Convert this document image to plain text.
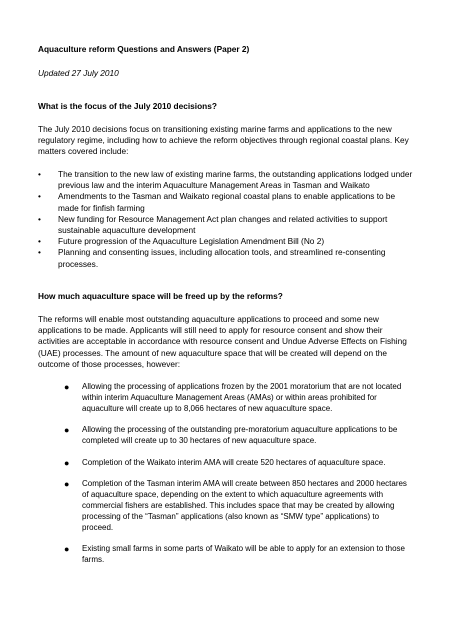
Aquaculture reform Questions and Answers (Paper 2)

Updated 27 July 2010

What is the focus of the July 2010 decisions?

The July 2010 decisions focus on transitioning existing marine farms and applications to the new regulatory regime, including how to achieve the reform objectives through regional coastal plans. Key matters covered include:

• The transition to the new law of existing marine farms, the outstanding applications lodged under previous law and the interim Aquaculture Management Areas in Tasman and Waikato
• Amendments to the Tasman and Waikato regional coastal plans to enable applications to be made for finfish farming
• New funding for Resource Management Act plan changes and related activities to support sustainable aquaculture development
• Future progression of the Aquaculture Legislation Amendment Bill (No 2)
• Planning and consenting issues, including allocation tools, and streamlined re-consenting processes.

How much aquaculture space will be freed up by the reforms?

The reforms will enable most outstanding aquaculture applications to proceed and some new applications to be made. Applicants will still need to apply for resource consent and show their activities are acceptable in accordance with resource consent and Undue Adverse Effects on Fishing (UAE) processes. The amount of new aquaculture space that will be created will depend on the outcome of those processes, however:

● Allowing the processing of applications frozen by the 2001 moratorium that are not located within interim Aquaculture Management Areas (AMAs) or within areas prohibited for aquaculture will create up to 8,066 hectares of new aquaculture space.
● Allowing the processing of the outstanding pre-moratorium aquaculture applications to be completed will create up to 30 hectares of new aquaculture space.
● Completion of the Waikato interim AMA will create 520 hectares of aquaculture space.
● Completion of the Tasman interim AMA will create between 850 hectares and 2000 hectares of aquaculture space, depending on the extent to which aquaculture agreements with commercial fishers are established. This includes space that may be created by allowing processing of the “Tasman” applications (also known as “SMW type” applications) to proceed.
● Existing small farms in some parts of Waikato will be able to apply for an extension to those farms.
